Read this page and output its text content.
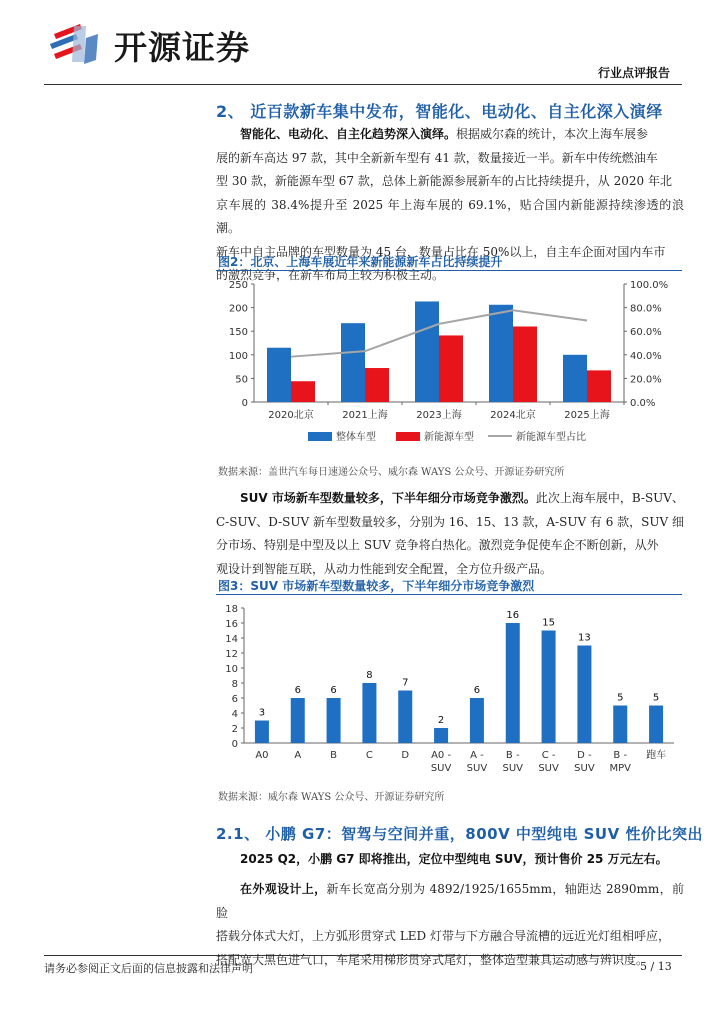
开源证券
行业点评报告
2、 近百款新车集中发布，智能化、电动化、自主化深入演绎
智能化、电动化、自主化趋势深入演绎。根据威尔森的统计，本次上海车展参
展的新车高达 97 款，其中全新新车型有 41 款，数量接近一半。新车中传统燃油车
型 30 款，新能源车型 67 款，总体上新能源参展新车的占比持续提升，从 2020 年北
京车展的 38.4%提升至 2025 年上海车展的 69.1%，贴合国内新能源持续渗透的浪潮。
新车中自主品牌的车型数量为 45 台，数量占比在 50%以上，自主车企面对国内车市
的激烈竞争，在新车布局上较为积极主动。
图2：北京、上海车展近年来新能源新车占比持续提升
250
200
150
100
50
0
100.0%
80.0%
60.0%
40.0%
20.0%
0.0%
2020北京	2021上海	2023上海	2024北京	2025上海
整体车型	新能源车型	新能源车型占比
数据来源：盖世汽车每日速递公众号、威尔森 WAYS 公众号、开源证券研究所
SUV 市场新车型数量较多，下半年细分市场竞争激烈。此次上海车展中，B-SUV、
C-SUV、D-SUV 新车型数量较多，分别为 16、15、13 款，A-SUV 有 6 款，SUV 细
分市场、特别是中型及以上 SUV 竞争将白热化。激烈竞争促使车企不断创新，从外
观设计到智能互联，从动力性能到安全配置，全方位升级产品。
图3：SUV 市场新车型数量较多，下半年细分市场竞争激烈
18
16
14
12
10
8
6
4
2
0
3
A0
6
A
6
B
8
C
7
D
2
A0 -
SUV
6
A -
SUV
16
B -
SUV
15
C -
SUV
13
D -
SUV
5
B -
MPV
5
跑车
数据来源：威尔森 WAYS 公众号、开源证券研究所
2.1、 小鹏 G7：智驾与空间并重，800V 中型纯电 SUV 性价比突出
2025 Q2，小鹏 G7 即将推出，定位中型纯电 SUV，预计售价 25 万元左右。
在外观设计上，新车长宽高分别为 4892/1925/1655mm，轴距达 2890mm，前脸
搭载分体式大灯，上方弧形贯穿式 LED 灯带与下方融合导流槽的远近光灯组相呼应，
搭配宽大黑色进气口，车尾采用梯形贯穿式尾灯，整体造型兼具运动感与辨识度。
请务必参阅正文后面的信息披露和法律声明	5 / 13
